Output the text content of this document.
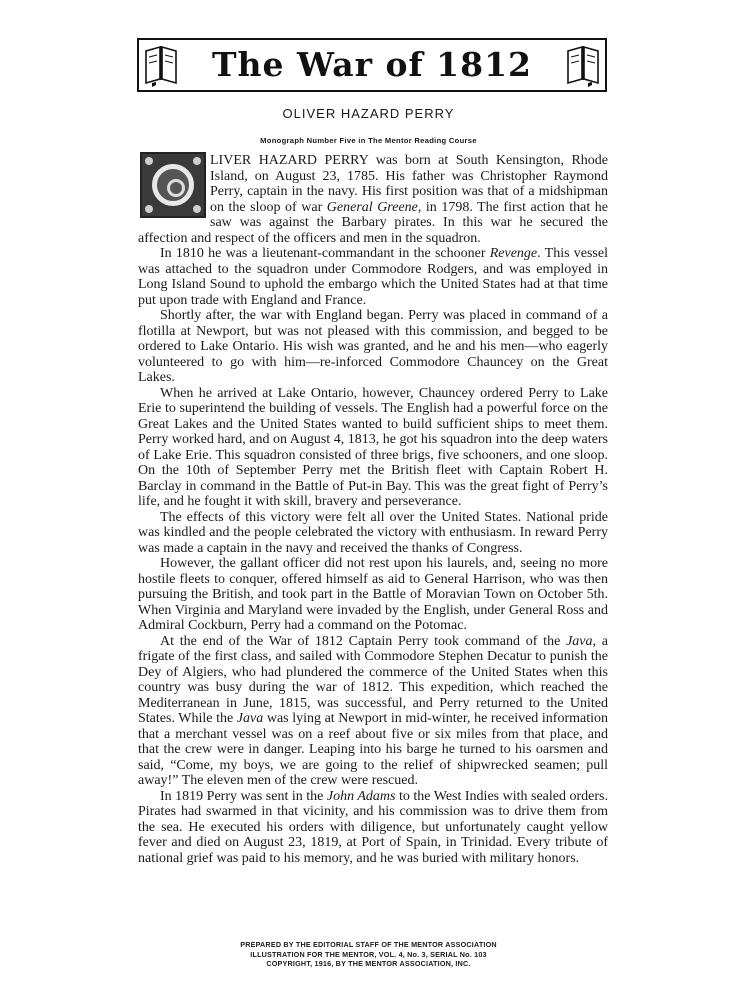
The War of 1812
OLIVER HAZARD PERRY
Monograph Number Five in The Mentor Reading Course

LIVER HAZARD PERRY was born at South Kensington, Rhode Island, on August 23, 1785. His father was Christopher Raymond Perry, captain in the navy. His first position was that of a midshipman on the sloop of war General Greene, in 1798. The first action that he saw was against the Barbary pirates. In this war he secured the affection and respect of the officers and men in the squadron.

In 1810 he was a lieutenant-commandant in the schooner Revenge. This vessel was attached to the squadron under Commodore Rodgers, and was employed in Long Island Sound to uphold the embargo which the United States had at that time put upon trade with England and France.

Shortly after, the war with England began. Perry was placed in command of a flotilla at Newport, but was not pleased with this commission, and begged to be ordered to Lake Ontario. His wish was granted, and he and his men—who eagerly volunteered to go with him—re-inforced Commodore Chauncey on the Great Lakes.

When he arrived at Lake Ontario, however, Chauncey ordered Perry to Lake Erie to superintend the building of vessels. The English had a powerful force on the Great Lakes and the United States wanted to build sufficient ships to meet them. Perry worked hard, and on August 4, 1813, he got his squadron into the deep waters of Lake Erie. This squadron consisted of three brigs, five schooners, and one sloop. On the 10th of September Perry met the British fleet with Captain Robert H. Barclay in command in the Battle of Put-in Bay. This was the great fight of Perry’s life, and he fought it with skill, bravery and perseverance.

The effects of this victory were felt all over the United States. National pride was kindled and the people celebrated the victory with enthusiasm. In reward Perry was made a captain in the navy and received the thanks of Congress.

However, the gallant officer did not rest upon his laurels, and, seeing no more hostile fleets to conquer, offered himself as aid to General Harrison, who was then pursuing the British, and took part in the Battle of Moravian Town on October 5th. When Virginia and Maryland were invaded by the English, under General Ross and Admiral Cockburn, Perry had a command on the Potomac.

At the end of the War of 1812 Captain Perry took command of the Java, a frigate of the first class, and sailed with Commodore Stephen Decatur to punish the Dey of Algiers, who had plundered the commerce of the United States when this country was busy during the war of 1812. This expedition, which reached the Mediterranean in June, 1815, was successful, and Perry returned to the United States. While the Java was lying at Newport in mid-winter, he received information that a merchant vessel was on a reef about five or six miles from that place, and that the crew were in danger. Leaping into his barge he turned to his oarsmen and said, “Come, my boys, we are going to the relief of shipwrecked seamen; pull away!” The eleven men of the crew were rescued.

In 1819 Perry was sent in the John Adams to the West Indies with sealed orders. Pirates had swarmed in that vicinity, and his commission was to drive them from the sea. He executed his orders with diligence, but unfortunately caught yellow fever and died on August 23, 1819, at Port of Spain, in Trinidad. Every tribute of national grief was paid to his memory, and he was buried with military honors.

PREPARED BY THE EDITORIAL STAFF OF THE MENTOR ASSOCIATION
ILLUSTRATION FOR THE MENTOR, VOL. 4, No. 3, SERIAL No. 103
COPYRIGHT, 1916, BY THE MENTOR ASSOCIATION, INC.
